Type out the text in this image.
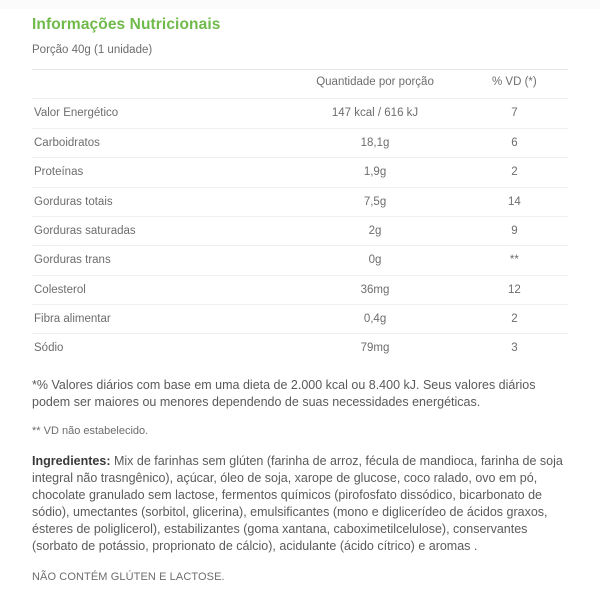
Informações Nutricionais

Porção 40g (1 unidade)

	Quantidade por porção	% VD (*)
Valor Energético	147 kcal / 616 kJ	7
Carboidratos	18,1g	6
Proteínas	1,9g	2
Gorduras totais	7,5g	14
Gorduras saturadas	2g	9
Gorduras trans	0g	**
Colesterol	36mg	12
Fibra alimentar	0,4g	2
Sódio	79mg	3

*% Valores diários com base em uma dieta de 2.000 kcal ou 8.400 kJ. Seus valores diários podem ser maiores ou menores dependendo de suas necessidades energéticas.

** VD não estabelecido.

Ingredientes: Mix de farinhas sem glúten (farinha de arroz, fécula de mandioca, farinha de soja integral não trasngênico), açúcar, óleo de soja, xarope de glucose, coco ralado, ovo em pó, chocolate granulado sem lactose, fermentos químicos (pirofosfato dissódico, bicarbonato de sódio), umectantes (sorbitol, glicerina), emulsificantes (mono e diglicerídeo de ácidos graxos, ésteres de poliglicerol), estabilizantes (goma xantana, caboximetilcelulose), conservantes (sorbato de potássio, proprionato de cálcio), acidulante (ácido cítrico) e aromas .

NÃO CONTÉM GLÚTEN E LACTOSE.
